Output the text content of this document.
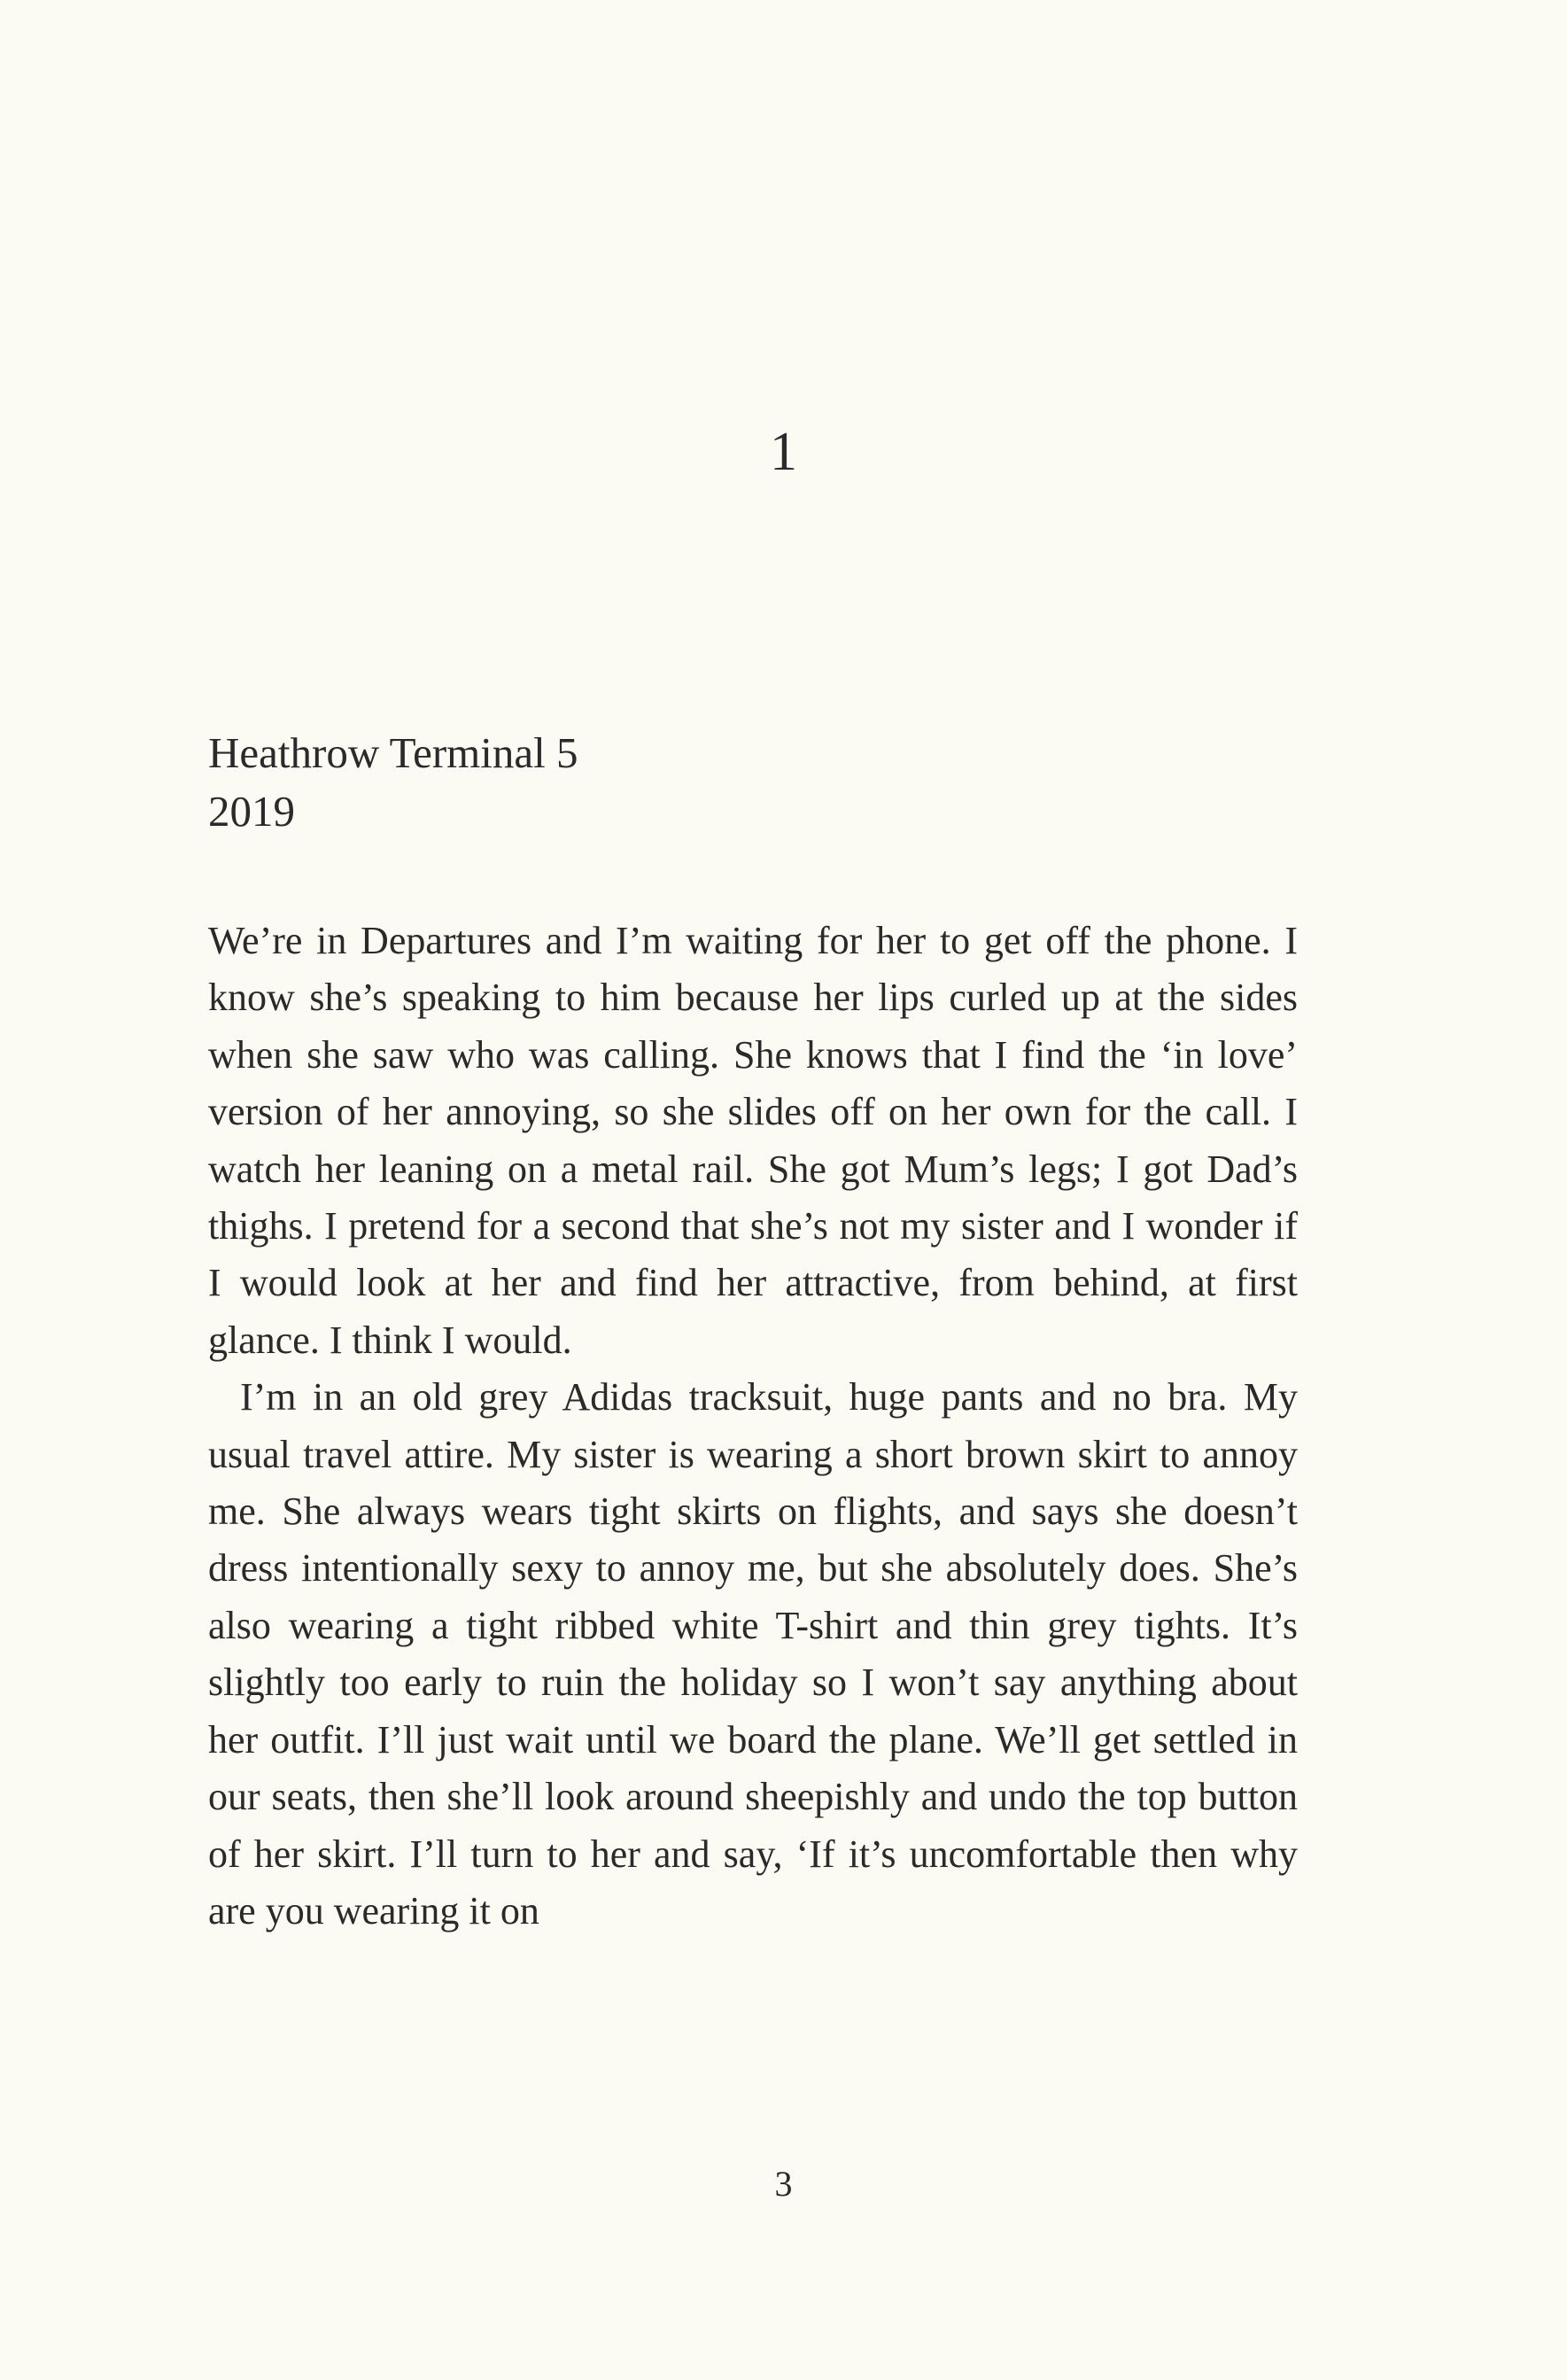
1
Heathrow Terminal 5
2019

We’re in Departures and I’m waiting for her to get off the phone. I know she’s speaking to him because her lips curled up at the sides when she saw who was calling. She knows that I find the ‘in love’ version of her annoying, so she slides off on her own for the call. I watch her leaning on a metal rail. She got Mum’s legs; I got Dad’s thighs. I pretend for a second that she’s not my sister and I wonder if I would look at her and find her attractive, from behind, at first glance. I think I would.

I’m in an old grey Adidas tracksuit, huge pants and no bra. My usual travel attire. My sister is wearing a short brown skirt to annoy me. She always wears tight skirts on flights, and says she doesn’t dress intentionally sexy to annoy me, but she absolutely does. She’s also wearing a tight ribbed white T-shirt and thin grey tights. It’s slightly too early to ruin the holiday so I won’t say anything about her outfit. I’ll just wait until we board the plane. We’ll get settled in our seats, then she’ll look around sheepishly and undo the top button of her skirt. I’ll turn to her and say, ‘If it’s uncomfortable then why are you wearing it on

3
